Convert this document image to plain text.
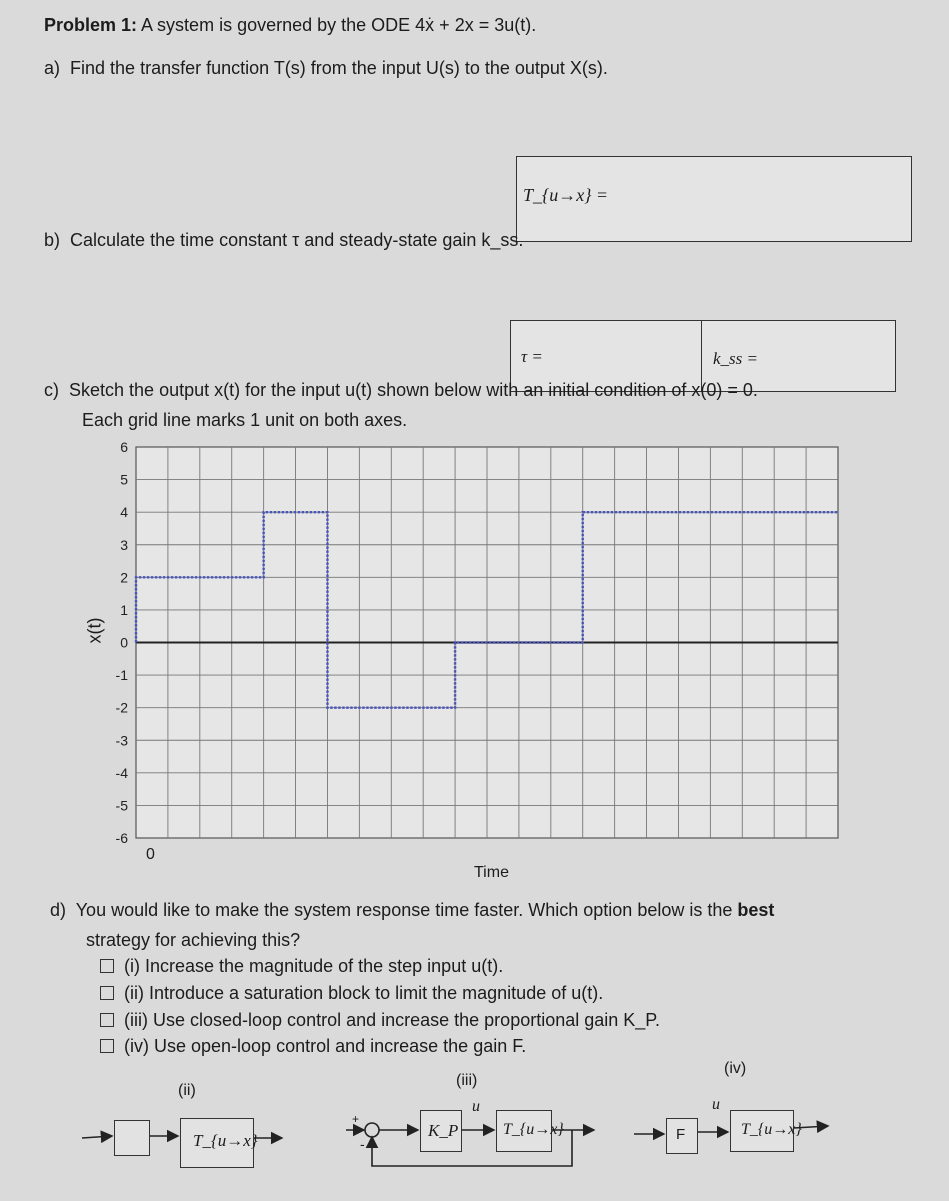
Problem 1: A system is governed by the ODE 4ẋ + 2x = 3u(t).
a) Find the transfer function T(s) from the input U(s) to the output X(s).
T_{u→x} =
b) Calculate the time constant τ and steady-state gain k_ss.
τ =	k_ss =
c) Sketch the output x(t) for the input u(t) shown below with an initial condition of x(0) = 0.
Each grid line marks 1 unit on both axes.
6
5
4
3
2
1
0
-1
-2
-3
-4
-5
-6
x(t)
0
Time
d) You would like to make the system response time faster. Which option below is the best
strategy for achieving this?
(i) Increase the magnitude of the step input u(t).
(ii) Introduce a saturation block to limit the magnitude of u(t).
(iii) Use closed-loop control and increase the proportional gain K_P.
(iv) Use open-loop control and increase the gain F.
(ii)
(iii)
(iv)
T_{u→x}
+
-
K_P
u
T_{u→x}	F
u
T_{u→x}
